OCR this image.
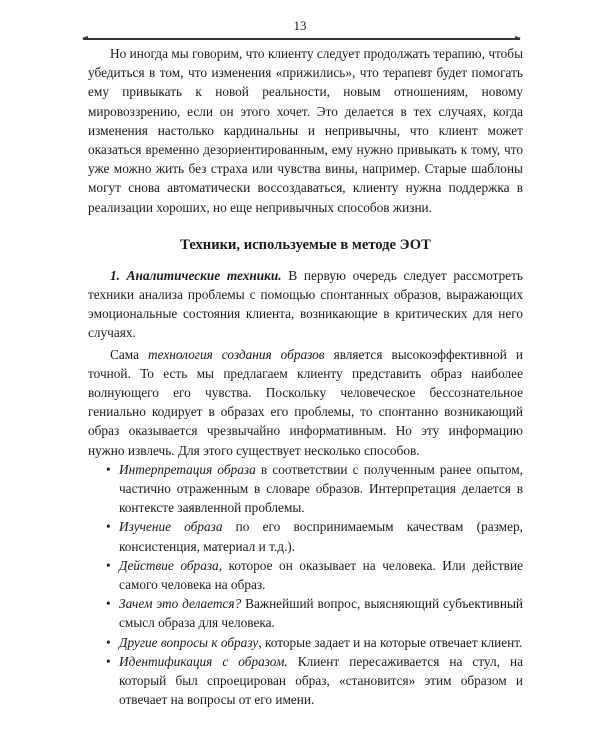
13

Но иногда мы говорим, что клиенту следует продолжать терапию, чтобы убедиться в том, что изменения «прижились», что терапевт будет помогать ему привыкать к новой реальности, новым отношениям, новому мировоззрению, если он этого хочет. Это делается в тех случаях, когда изменения настолько кардинальны и непривычны, что клиент может оказаться временно дезориентированным, ему нужно привыкать к тому, что уже можно жить без страха или чувства вины, например. Старые шаблоны могут снова автоматически воссоздаваться, клиенту нужна поддержка в реализации хороших, но еще непривычных способов жизни.

Техники, используемые в методе ЭОТ

1. Аналитические техники. В первую очередь следует рассмотреть техники анализа проблемы с помощью спонтанных образов, выражающих эмоциональные состояния клиента, возникающие в критических для него случаях.

Сама технология создания образов является высокоэффективной и точной. То есть мы предлагаем клиенту представить образ наиболее волнующего его чувства. Поскольку человеческое бессознательное гениально кодирует в образах его проблемы, то спонтанно возникающий образ оказывается чрезвычайно информативным. Но эту информацию нужно извлечь. Для этого существует несколько способов.

• Интерпретация образа в соответствии с полученным ранее опытом, частично отраженным в словаре образов. Интерпретация делается в контексте заявленной проблемы.
• Изучение образа по его воспринимаемым качествам (размер, консистенция, материал и т.д.).
• Действие образа, которое он оказывает на человека. Или действие самого человека на образ.
• Зачем это делается? Важнейший вопрос, выясняющий субъективный смысл образа для человека.
• Другие вопросы к образу, которые задает и на которые отвечает клиент.
• Идентификация с образом. Клиент пересаживается на стул, на который был спроецирован образ, «становится» этим образом и отвечает на вопросы от его имени.
